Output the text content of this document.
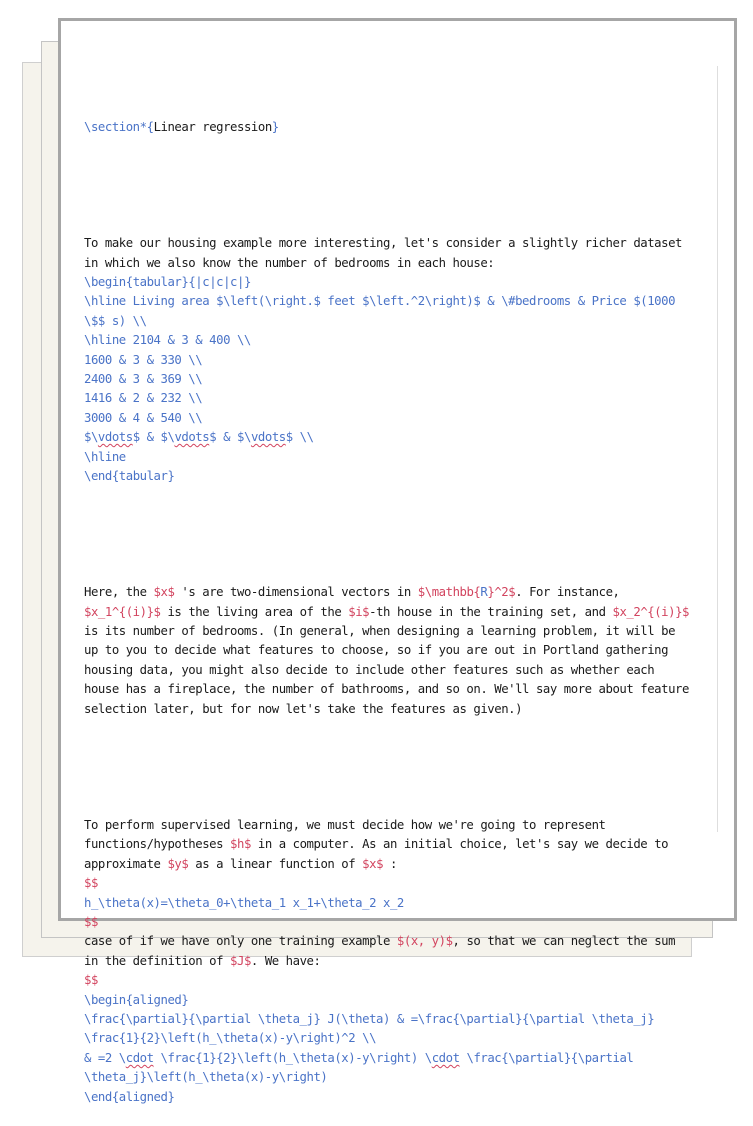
\section*{Linear regression}

To make our housing example more interesting, let's consider a slightly richer dataset
in which we also know the number of bedrooms in each house:
\begin{tabular}{|c|c|c|}
\hline Living area $\left(\right.$ feet $\left.^2\right)$ & \#bedrooms & Price $(1000
\$$ s) \\
\hline 2104 & 3 & 400 \\
1600 & 3 & 330 \\
2400 & 3 & 369 \\
1416 & 2 & 232 \\
3000 & 4 & 540 \\
$\vdots$ & $\vdots$ & $\vdots$ \\
\hline
\end{tabular}

Here, the $x$ 's are two-dimensional vectors in $\mathbb{R}^2$. For instance,
$x_1^{(i)}$ is the living area of the $i$-th house in the training set, and $x_2^{(i)}$
is its number of bedrooms. (In general, when designing a learning problem, it will be
up to you to decide what features to choose, so if you are out in Portland gathering
housing data, you might also decide to include other features such as whether each
house has a fireplace, the number of bathrooms, and so on. We'll say more about feature
selection later, but for now let's take the features as given.)

To perform supervised learning, we must decide how we're going to represent
functions/hypotheses $h$ in a computer. As an initial choice, let's say we decide to
approximate $y$ as a linear function of $x$ :
$$
h_\theta(x)=\theta_0+\theta_1 x_1+\theta_2 x_2
$$
case of if we have only one training example $(x, y)$, so that we can neglect the sum
in the definition of $J$. We have:
$$
\begin{aligned}
\frac{\partial}{\partial \theta_j} J(\theta) & =\frac{\partial}{\partial \theta_j}
\frac{1}{2}\left(h_\theta(x)-y\right)^2 \\
& =2 \cdot \frac{1}{2}\left(h_\theta(x)-y\right) \cdot \frac{\partial}{\partial
\theta_j}\left(h_\theta(x)-y\right)
\end{aligned}
